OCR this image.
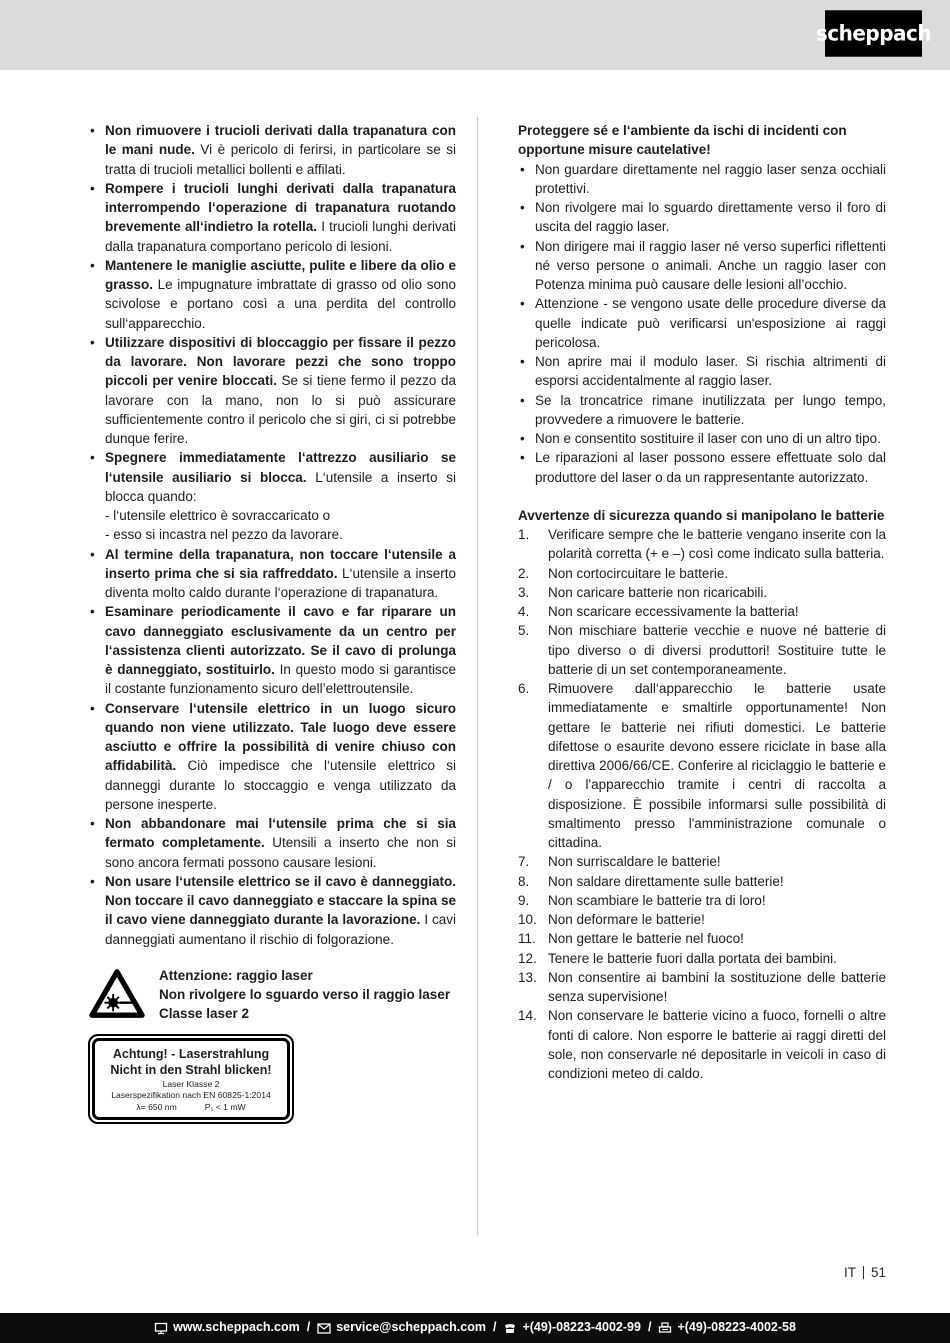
scheppach
• Non rimuovere i trucioli derivati dalla trapanatura con le mani nude. Vi è pericolo di ferirsi, in particolare se si tratta di trucioli metallici bollenti e affilati.
• Rompere i trucioli lunghi derivati dalla trapanatura interrompendo l‘operazione di trapanatura ruotando brevemente all‘indietro la rotella. I trucioli lunghi derivati dalla trapanatura comportano pericolo di lesioni.
• Mantenere le maniglie asciutte, pulite e libere da olio e grasso. Le impugnature imbrattate di grasso od olio sono scivolose e portano così a una perdita del controllo sull‘apparecchio.
• Utilizzare dispositivi di bloccaggio per fissare il pezzo da lavorare. Non lavorare pezzi che sono troppo piccoli per venire bloccati. Se si tiene fermo il pezzo da lavorare con la mano, non lo si può assicurare sufficientemente contro il pericolo che si giri, ci si potrebbe dunque ferire.
• Spegnere immediatamente l‘attrezzo ausiliario se l‘utensile ausiliario si blocca. L‘utensile a inserto si blocca quando:
- l‘utensile elettrico è sovraccaricato o
- esso si incastra nel pezzo da lavorare.
• Al termine della trapanatura, non toccare l‘utensile a inserto prima che si sia raffreddato. L‘utensile a inserto diventa molto caldo durante l‘operazione di trapanatura.
• Esaminare periodicamente il cavo e far riparare un cavo danneggiato esclusivamente da un centro per l‘assistenza clienti autorizzato. Se il cavo di prolunga è danneggiato, sostituirlo. In questo modo si garantisce il costante funzionamento sicuro dell’elettroutensile.
• Conservare l‘utensile elettrico in un luogo sicuro quando non viene utilizzato. Tale luogo deve essere asciutto e offrire la possibilità di venire chiuso con affidabilità. Ciò impedisce che l‘utensile elettrico si danneggi durante lo stoccaggio e venga utilizzato da persone inesperte.
• Non abbandonare mai l‘utensile prima che si sia fermato completamente. Utensili a inserto che non si sono ancora fermati possono causare lesioni.
• Non usare l‘utensile elettrico se il cavo è danneggiato. Non toccare il cavo danneggiato e staccare la spina se il cavo viene danneggiato durante la lavorazione. I cavi danneggiati aumentano il rischio di folgorazione.
Attenzione: raggio laser
Non rivolgere lo sguardo verso il raggio laser Classe laser 2
Achtung! - Laserstrahlung
Nicht in den Strahl blicken!
Laser Klasse 2
Laserspezifikation nach EN 60825-1:2014
λ= 650 nm	P₁ < 1 mW
Proteggere sé e l‘ambiente da ischi di incidenti con opportune misure cautelative!
• Non guardare direttamente nel raggio laser senza occhiali protettivi.
• Non rivolgere mai lo sguardo direttamente verso il foro di uscita del raggio laser.
• Non dirigere mai il raggio laser né verso superfici riflettenti né verso persone o animali. Anche un raggio laser con Potenza minima può causare delle lesioni all’occhio.
• Attenzione - se vengono usate delle procedure diverse da quelle indicate può verificarsi un'esposizione ai raggi pericolosa.
• Non aprire mai il modulo laser. Si rischia altrimenti di esporsi accidentalmente al raggio laser.
• Se la troncatrice rimane inutilizzata per lungo tempo, provvedere a rimuovere le batterie.
• Non e consentito sostituire il laser con uno di un altro tipo.
• Le riparazioni al laser possono essere effettuate solo dal produttore del laser o da un rappresentante autorizzato.
Avvertenze di sicurezza quando si manipolano le batterie
1. Verificare sempre che le batterie vengano inserite con la polarità corretta (+ e –) così come indicato sulla batteria.
2. Non cortocircuitare le batterie.
3. Non caricare batterie non ricaricabili.
4. Non scaricare eccessivamente la batteria!
5. Non mischiare batterie vecchie e nuove né batterie di tipo diverso o di diversi produttori! Sostituire tutte le batterie di un set contemporaneamente.
6. Rimuovere dall‘apparecchio le batterie usate immediatamente e smaltirle opportunamente! Non gettare le batterie nei rifiuti domestici. Le batterie difettose o esaurite devono essere riciclate in base alla direttiva 2006/66/CE. Conferire al riciclaggio le batterie e / o l'apparecchio tramite i centri di raccolta a disposizione. È possibile informarsi sulle possibilità di smaltimento presso l'amministrazione comunale o cittadina.
7. Non surriscaldare le batterie!
8. Non saldare direttamente sulle batterie!
9. Non scambiare le batterie tra di loro!
10. Non deformare le batterie!
11. Non gettare le batterie nel fuoco!
12. Tenere le batterie fuori dalla portata dei bambini.
13. Non consentire ai bambini la sostituzione delle batterie senza supervisione!
14. Non conservare le batterie vicino a fuoco, fornelli o altre fonti di calore. Non esporre le batterie ai raggi diretti del sole, non conservarle né depositarle in veicoli in caso di condizioni meteo di caldo.
IT 51
www.scheppach.com / service@scheppach.com / +(49)-08223-4002-99 / +(49)-08223-4002-58
